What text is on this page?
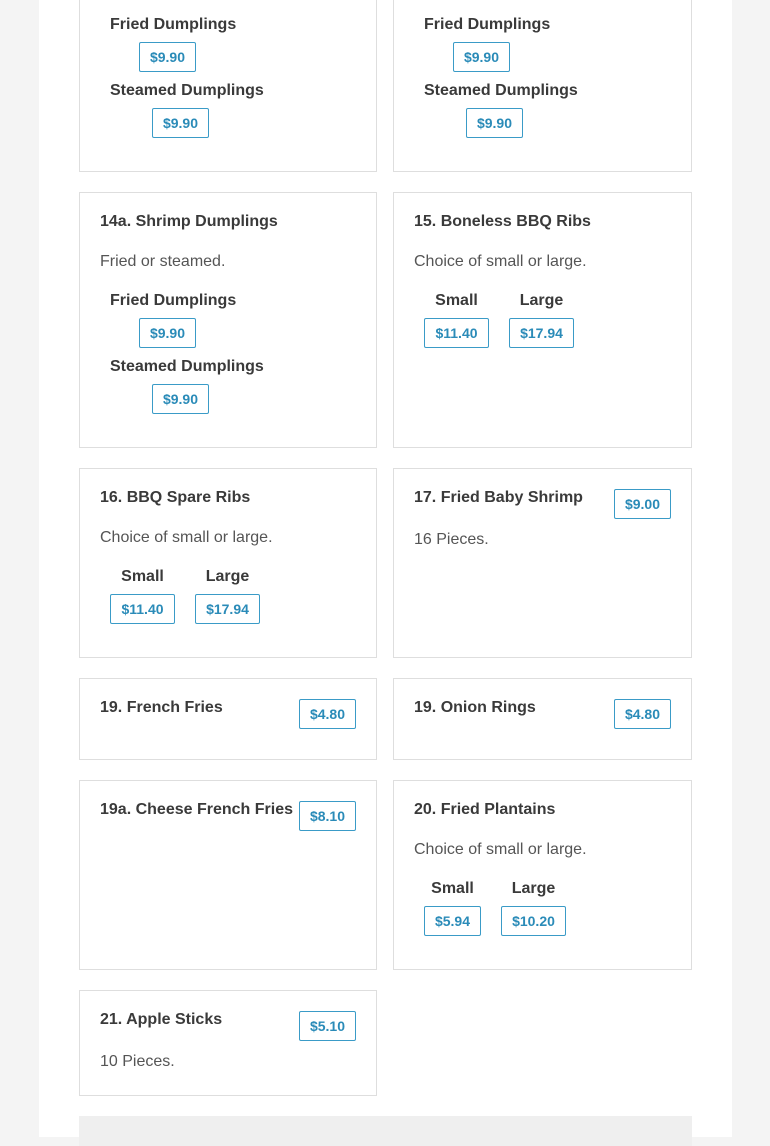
Fried Dumplings
$9.90
Steamed Dumplings
$9.90
Fried Dumplings
$9.90
Steamed Dumplings
$9.90
14a. Shrimp Dumplings
Fried or steamed.
Fried Dumplings
$9.90
Steamed Dumplings
$9.90
15. Boneless BBQ Ribs
Choice of small or large.
Small
$11.40
Large
$17.94
16. BBQ Spare Ribs
Choice of small or large.
Small
$11.40
Large
$17.94
17. Fried Baby Shrimp	$9.00
16 Pieces.
19. French Fries	$4.80	19. Onion Rings	$4.80
19a. Cheese French Fries	$8.10	20. Fried Plantains
Choice of small or large.
Small
$5.94
Large
$10.20
21. Apple Sticks	$5.10
10 Pieces.
